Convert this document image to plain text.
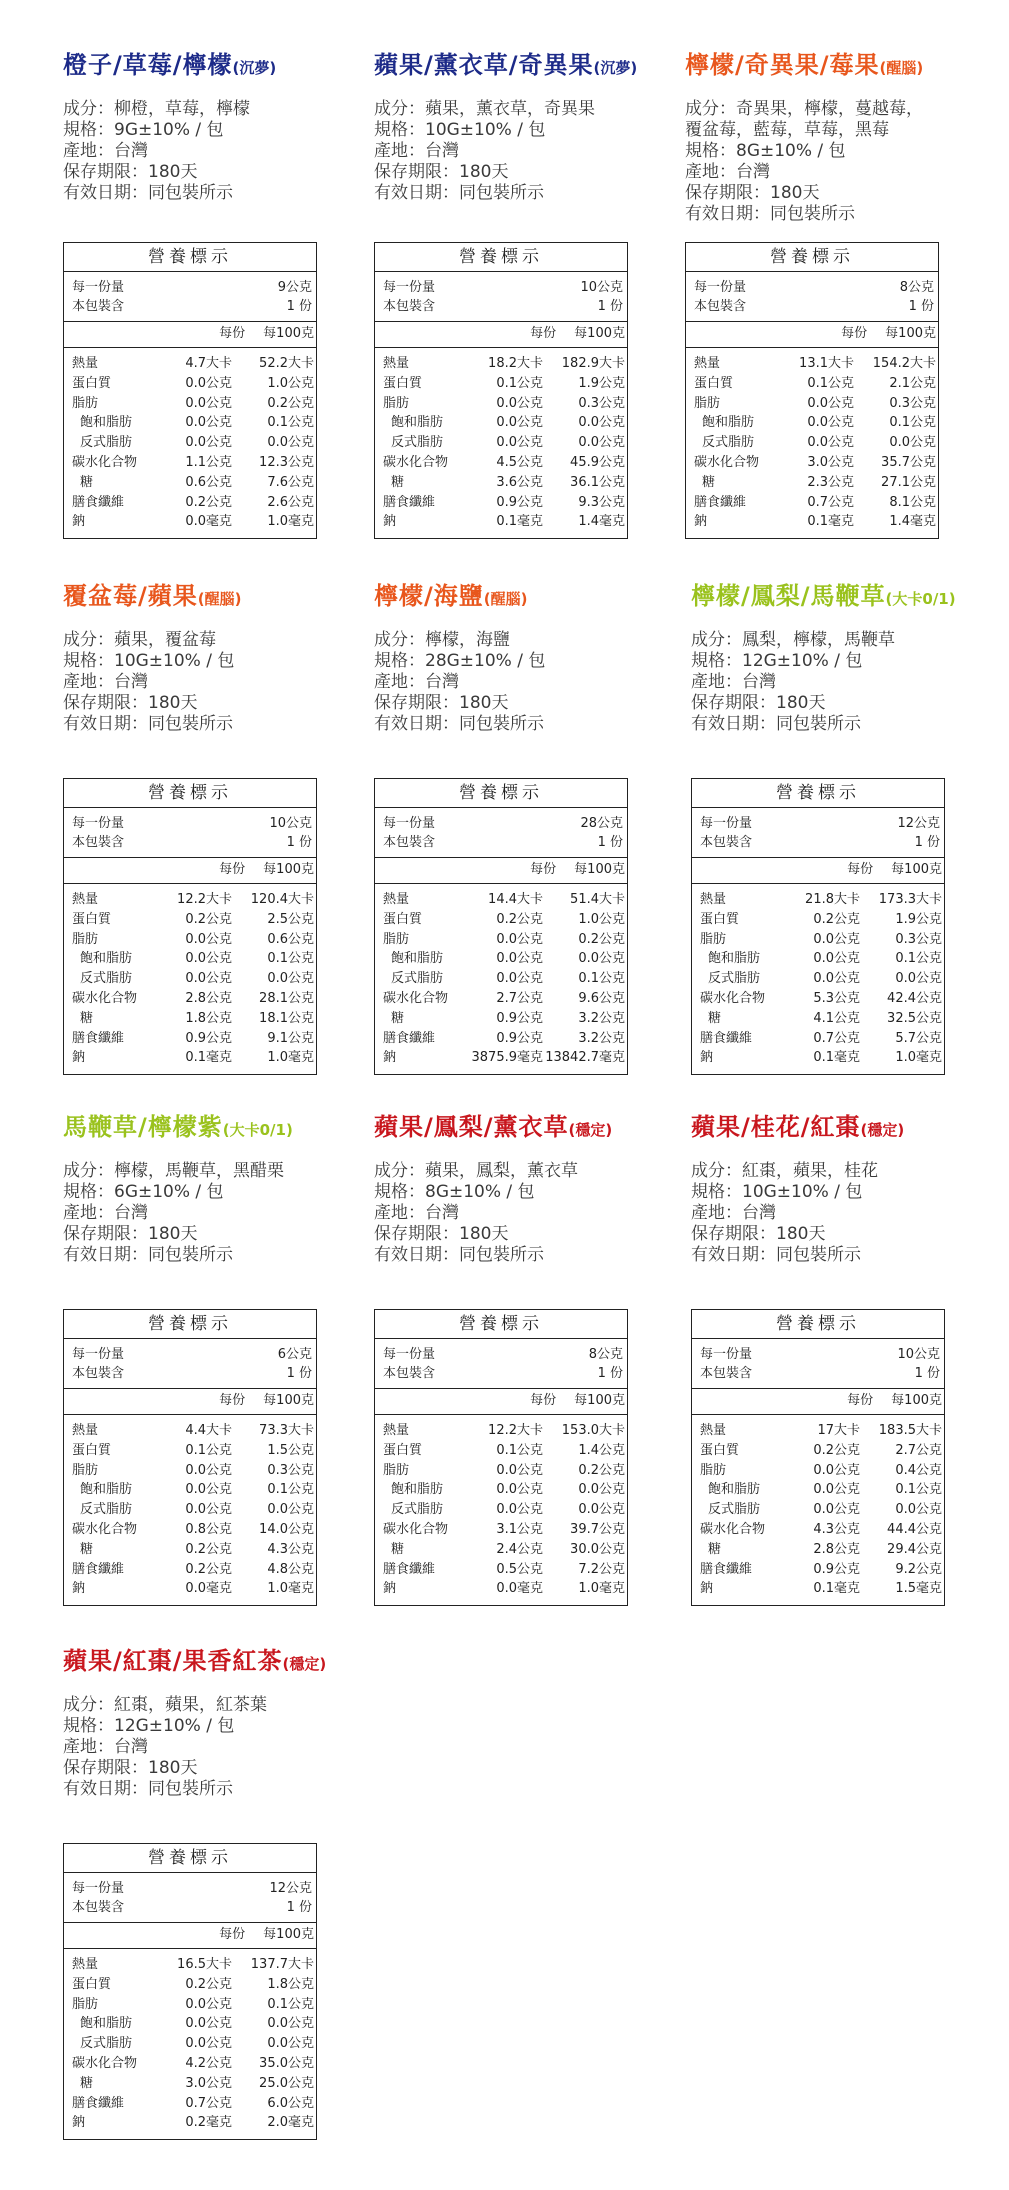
橙子/草莓/檸檬(沉夢)
成分：柳橙，草莓，檸檬
規格：9G±10% / 包
產地：台灣
保存期限：180天
有效日期：同包裝所示
營養標示
每一份量	9公克
本包裝含	1 份
每份 每100克
熱量	4.7大卡	52.2大卡
蛋白質	0.0公克	1.0公克
脂肪	0.0公克	0.2公克
飽和脂肪	0.0公克	0.1公克
反式脂肪	0.0公克	0.0公克
碳水化合物	1.1公克	12.3公克
糖	0.6公克	7.6公克
膳食纖維	0.2公克	2.6公克
鈉	0.0毫克	1.0毫克
蘋果/薰衣草/奇異果(沉夢)
成分：蘋果，薰衣草，奇異果
規格：10G±10% / 包
產地：台灣
保存期限：180天
有效日期：同包裝所示
營養標示
每一份量	10公克
本包裝含	1 份
每份 每100克
熱量	18.2大卡	182.9大卡
蛋白質	0.1公克	1.9公克
脂肪	0.0公克	0.3公克
飽和脂肪	0.0公克	0.0公克
反式脂肪	0.0公克	0.0公克
碳水化合物	4.5公克	45.9公克
糖	3.6公克	36.1公克
膳食纖維	0.9公克	9.3公克
鈉	0.1毫克	1.4毫克
檸檬/奇異果/莓果(醒腦)
成分：奇異果，檸檬，蔓越莓，
覆盆莓，藍莓，草莓，黑莓
規格：8G±10% / 包
產地：台灣
保存期限：180天
有效日期：同包裝所示
營養標示
每一份量	8公克
本包裝含	1 份
每份 每100克
熱量	13.1大卡	154.2大卡
蛋白質	0.1公克	2.1公克
脂肪	0.0公克	0.3公克
飽和脂肪	0.0公克	0.1公克
反式脂肪	0.0公克	0.0公克
碳水化合物	3.0公克	35.7公克
糖	2.3公克	27.1公克
膳食纖維	0.7公克	8.1公克
鈉	0.1毫克	1.4毫克
覆盆莓/蘋果(醒腦)
成分：蘋果，覆盆莓
規格：10G±10% / 包
產地：台灣
保存期限：180天
有效日期：同包裝所示
營養標示
每一份量	10公克
本包裝含	1 份
每份 每100克
熱量	12.2大卡	120.4大卡
蛋白質	0.2公克	2.5公克
脂肪	0.0公克	0.6公克
飽和脂肪	0.0公克	0.1公克
反式脂肪	0.0公克	0.0公克
碳水化合物	2.8公克	28.1公克
糖	1.8公克	18.1公克
膳食纖維	0.9公克	9.1公克
鈉	0.1毫克	1.0毫克
檸檬/海鹽(醒腦)
成分：檸檬，海鹽
規格：28G±10% / 包
產地：台灣
保存期限：180天
有效日期：同包裝所示
營養標示
每一份量	28公克
本包裝含	1 份
每份 每100克
熱量	14.4大卡	51.4大卡
蛋白質	0.2公克	1.0公克
脂肪	0.0公克	0.2公克
飽和脂肪	0.0公克	0.0公克
反式脂肪	0.0公克	0.1公克
碳水化合物	2.7公克	9.6公克
糖	0.9公克	3.2公克
膳食纖維	0.9公克	3.2公克
鈉	3875.9毫克 13842.7毫克
檸檬/鳳梨/馬鞭草(大卡0/1)
成分：鳳梨，檸檬，馬鞭草
規格：12G±10% / 包
產地：台灣
保存期限：180天
有效日期：同包裝所示
營養標示
每一份量	12公克
本包裝含	1 份
每份 每100克
熱量	21.8大卡	173.3大卡
蛋白質	0.2公克	1.9公克
脂肪	0.0公克	0.3公克
飽和脂肪	0.0公克	0.1公克
反式脂肪	0.0公克	0.0公克
碳水化合物	5.3公克	42.4公克
糖	4.1公克	32.5公克
膳食纖維	0.7公克	5.7公克
鈉	0.1毫克	1.0毫克
馬鞭草/檸檬紫(大卡0/1)
成分：檸檬，馬鞭草，黑醋栗
規格：6G±10% / 包
產地：台灣
保存期限：180天
有效日期：同包裝所示
營養標示
每一份量	6公克
本包裝含	1 份
每份 每100克
熱量	4.4大卡	73.3大卡
蛋白質	0.1公克	1.5公克
脂肪	0.0公克	0.3公克
飽和脂肪	0.0公克	0.1公克
反式脂肪	0.0公克	0.0公克
碳水化合物	0.8公克	14.0公克
糖	0.2公克	4.3公克
膳食纖維	0.2公克	4.8公克
鈉	0.0毫克	1.0毫克
蘋果/鳳梨/薰衣草(穩定)
成分：蘋果，鳳梨，薰衣草
規格：8G±10% / 包
產地：台灣
保存期限：180天
有效日期：同包裝所示
營養標示
每一份量	8公克
本包裝含	1 份
每份 每100克
熱量	12.2大卡	153.0大卡
蛋白質	0.1公克	1.4公克
脂肪	0.0公克	0.2公克
飽和脂肪	0.0公克	0.0公克
反式脂肪	0.0公克	0.0公克
碳水化合物	3.1公克	39.7公克
糖	2.4公克	30.0公克
膳食纖維	0.5公克	7.2公克
鈉	0.0毫克	1.0毫克
蘋果/桂花/紅棗(穩定)
成分：紅棗，蘋果，桂花
規格：10G±10% / 包
產地：台灣
保存期限：180天
有效日期：同包裝所示
營養標示
每一份量	10公克
本包裝含	1 份
每份 每100克
熱量	17大卡	183.5大卡
蛋白質	0.2公克	2.7公克
脂肪	0.0公克	0.4公克
飽和脂肪	0.0公克	0.1公克
反式脂肪	0.0公克	0.0公克
碳水化合物	4.3公克	44.4公克
糖	2.8公克	29.4公克
膳食纖維	0.9公克	9.2公克
鈉	0.1毫克	1.5毫克
蘋果/紅棗/果香紅茶(穩定)
成分：紅棗，蘋果，紅茶葉
規格：12G±10% / 包
產地：台灣
保存期限：180天
有效日期：同包裝所示
營養標示
每一份量	12公克
本包裝含	1 份
每份 每100克
熱量	16.5大卡	137.7大卡
蛋白質	0.2公克	1.8公克
脂肪	0.0公克	0.1公克
飽和脂肪	0.0公克	0.0公克
反式脂肪	0.0公克	0.0公克
碳水化合物	4.2公克	35.0公克
糖	3.0公克	25.0公克
膳食纖維	0.7公克	6.0公克
鈉	0.2毫克	2.0毫克
